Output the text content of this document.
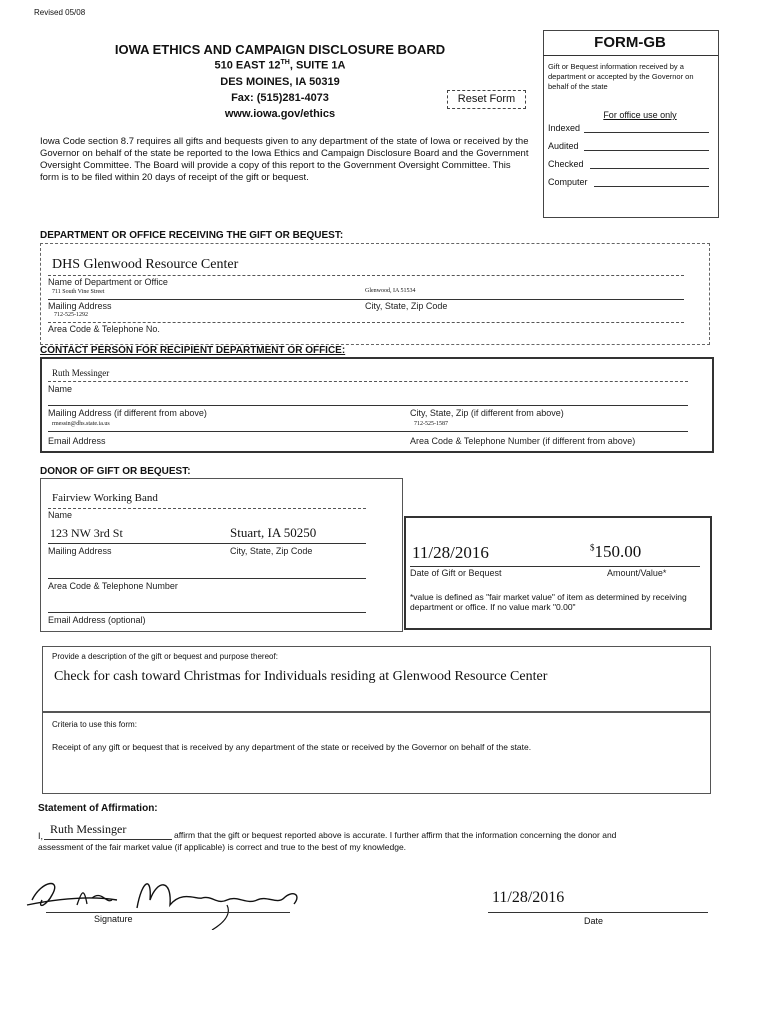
Revised 05/08
IOWA ETHICS AND CAMPAIGN DISCLOSURE BOARD
510 EAST 12TH, SUITE 1A
DES MOINES, IA 50319
Fax: (515)281-4073
www.iowa.gov/ethics
Reset Form
Iowa Code section 8.7 requires all gifts and bequests given to any department of the state of Iowa or received by the Governor on behalf of the state be reported to the Iowa Ethics and Campaign Disclosure Board and the Government Oversight Committee. The Board will provide a copy of this report to the Government Oversight Committee. This form is to be filed within 20 days of receipt of the gift or bequest.
FORM-GB
Gift or Bequest information received by a department or accepted by the Governor on behalf of the state
For office use only
Indexed
Audited
Checked
Computer
DEPARTMENT OR OFFICE RECEIVING THE GIFT OR BEQUEST:
DHS Glenwood Resource Center
Name of Department or Office
711 South Vine Street	Glenwood, IA 51534
Mailing Address	City, State, Zip Code
712-525-1292
Area Code & Telephone No.
CONTACT PERSON FOR RECIPIENT DEPARTMENT OR OFFICE:
Ruth Messinger
Name
Mailing Address (if different from above)	City, State, Zip (if different from above)
rmessin@dhs.state.ia.us	712-525-1587
Email Address	Area Code & Telephone Number (if different from above)
DONOR OF GIFT OR BEQUEST:
Fairview Working Band
Name
123 NW 3rd St	Stuart, IA 50250
Mailing Address	City, State, Zip Code
Area Code & Telephone Number
Email Address (optional)
11/28/2016	$150.00
Date of Gift or Bequest	Amount/Value*
*value is defined as "fair market value" of item as determined by receiving department or office. If no value mark "0.00"
Provide a description of the gift or bequest and purpose thereof:
Check for cash toward Christmas for Individuals residing at Glenwood Resource Center
Criteria to use this form:
Receipt of any gift or bequest that is received by any department of the state or received by the Governor on behalf of the state.
Statement of Affirmation:
I, Ruth Messinger	affirm that the gift or bequest reported above is accurate. I further affirm that the information concerning the donor and
assessment of the fair market value (if applicable) is correct and true to the best of my knowledge.
Signature
11/28/2016
Date
